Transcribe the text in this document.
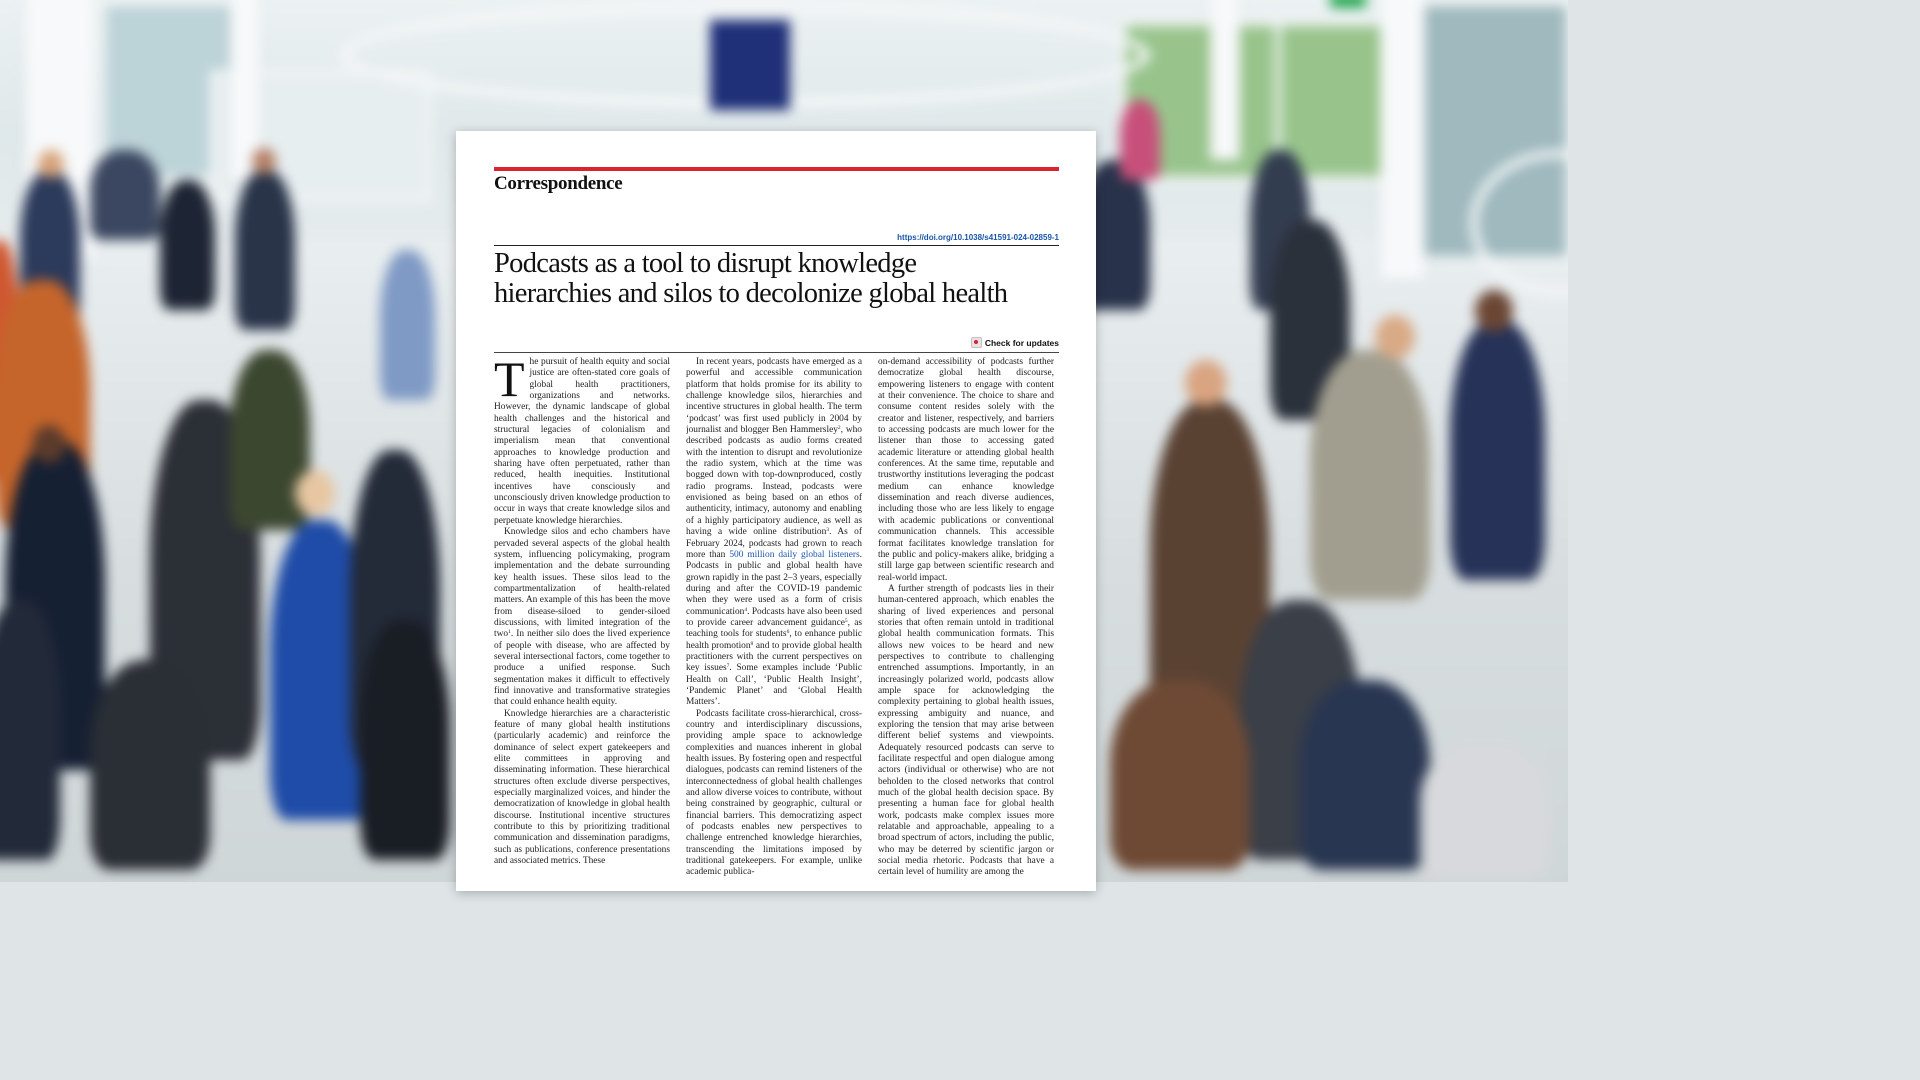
Correspondence
https://doi.org/10.1038/s41591-024-02859-1
Podcasts as a tool to disrupt knowledge
hierarchies and silos to decolonize global health
Check for updates

The pursuit of health equity and social justice are often-stated core goals of global health practitioners, organizations and networks. However, the dynamic landscape of global health challenges and the historical and structural legacies of colonialism and imperialism mean that conventional approaches to knowledge production and sharing have often perpetuated, rather than reduced, health inequities. Institutional incentives have consciously and unconsciously driven knowledge production to occur in ways that create knowledge silos and perpetuate knowledge hierarchies.

Knowledge silos and echo chambers have pervaded several aspects of the global health system, influencing policymaking, program implementation and the debate surrounding key health issues. These silos lead to the compartmentalization of health-related matters. An example of this has been the move from disease-siloed to gender-siloed discussions, with limited integration of the two$^1$. In neither silo does the lived experience of people with disease, who are affected by several intersectional factors, come together to produce a unified response. Such segmentation makes it difficult to effectively find innovative and transformative strategies that could enhance health equity.

Knowledge hierarchies are a characteristic feature of many global health institutions (particularly academic) and reinforce the dominance of select expert gatekeepers and elite committees in approving and disseminating information. These hierarchical structures often exclude diverse perspectives, especially marginalized voices, and hinder the democratization of knowledge in global health discourse. Institutional incentive structures contribute to this by prioritizing traditional communication and dissemination paradigms, such as publications, conference presentations and associated metrics. These

In recent years, podcasts have emerged as a powerful and accessible communication platform that holds promise for its ability to challenge knowledge silos, hierarchies and incentive structures in global health. The term ‘podcast’ was first used publicly in 2004 by journalist and blogger Ben Hammersley$^2$, who described podcasts as audio forms created with the intention to disrupt and revolutionize the radio system, which at the time was bogged down with top-downproduced, costly radio programs. Instead, podcasts were envisioned as being based on an ethos of authenticity, intimacy, autonomy and enabling of a highly participatory audience, as well as having a wide online distribution$^3$. As of February 2024, podcasts had grown to reach more than 500 million daily global listeners. Podcasts in public and global health have grown rapidly in the past 2–3 years, especially during and after the COVID-19 pandemic when they were used as a form of crisis communication$^4$. Podcasts have also been used to provide career advancement guidance$^5$, as teaching tools for students$^6$, to enhance public health promotion$^8$ and to provide global health practitioners with the current perspectives on key issues$^7$. Some examples include ‘Public Health on Call’, ‘Public Health Insight’, ‘Pandemic Planet’ and ‘Global Health Matters’.

Podcasts facilitate cross-hierarchical, cross-country and interdisciplinary discussions, providing ample space to acknowledge complexities and nuances inherent in global health issues. By fostering open and respectful dialogues, podcasts can remind listeners of the interconnectedness of global health challenges and allow diverse voices to contribute, without being constrained by geographic, cultural or financial barriers. This democratizing aspect of podcasts enables new perspectives to challenge entrenched knowledge hierarchies, transcending the limitations imposed by traditional gatekeepers. For example, unlike academic publica-

on-demand accessibility of podcasts further democratize global health discourse, empowering listeners to engage with content at their convenience. The choice to share and consume content resides solely with the creator and listener, respectively, and barriers to accessing podcasts are much lower for the listener than those to accessing gated academic literature or attending global health conferences. At the same time, reputable and trustworthy institutions leveraging the podcast medium can enhance knowledge dissemination and reach diverse audiences, including those who are less likely to engage with academic publications or conventional communication channels. This accessible format facilitates knowledge translation for the public and policy-makers alike, bridging a still large gap between scientific research and real-world impact.

A further strength of podcasts lies in their human-centered approach, which enables the sharing of lived experiences and personal stories that often remain untold in traditional global health communication formats. This allows new voices to be heard and new perspectives to contribute to challenging entrenched assumptions. Importantly, in an increasingly polarized world, podcasts allow ample space for acknowledging the complexity pertaining to global health issues, expressing ambiguity and nuance, and exploring the tension that may arise between different belief systems and viewpoints. Adequately resourced podcasts can serve to facilitate respectful and open dialogue among actors (individual or otherwise) who are not beholden to the closed networks that control much of the global health decision space. By presenting a human face for global health work, podcasts make complex issues more relatable and approachable, appealing to a broad spectrum of actors, including the public, who may be deterred by scientific jargon or social media rhetoric. Podcasts that have a certain level of humility are among the
